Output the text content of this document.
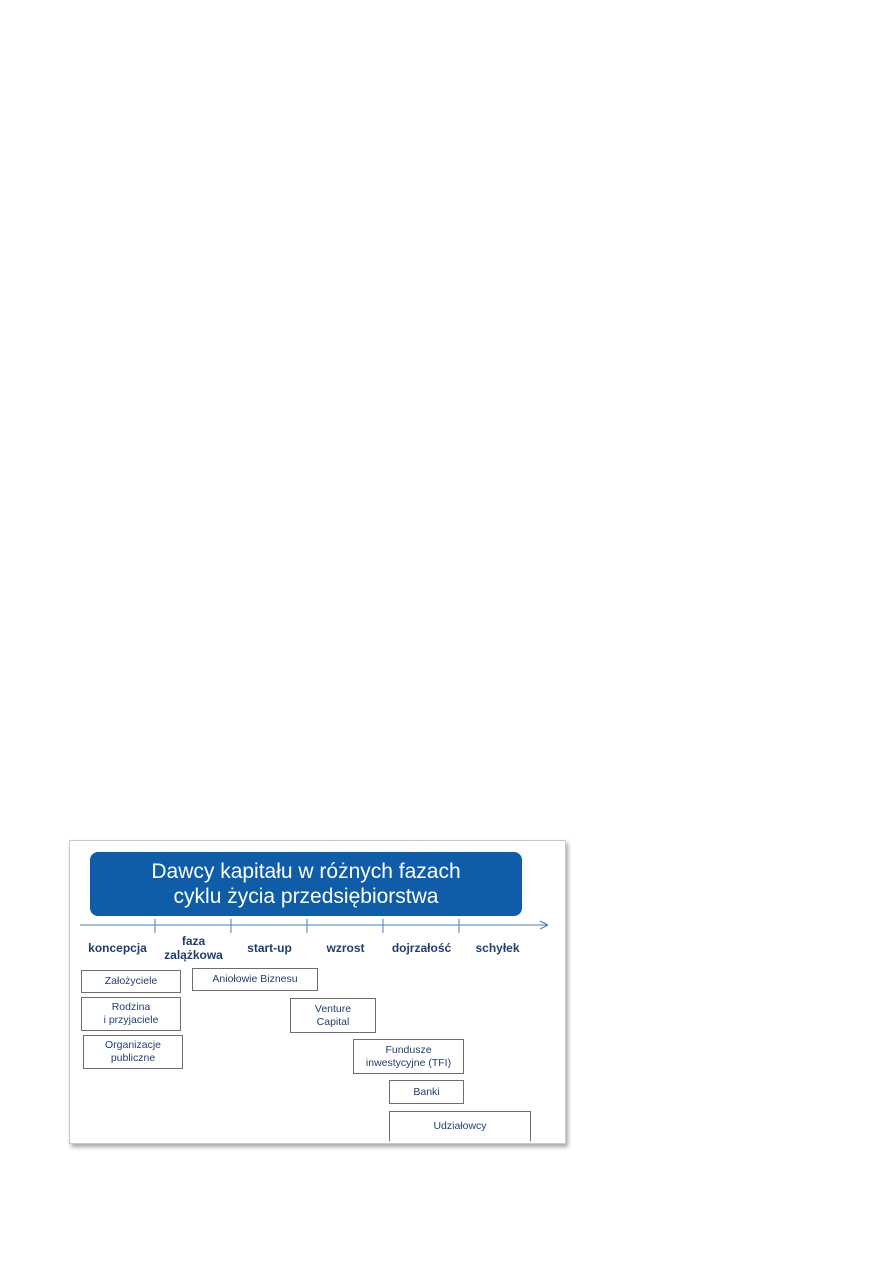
Dawcy kapitału w różnych fazach
cyklu życia przedsiębiorstwa
koncepcja	faza
zalążkowa	start-up	wzrost	dojrzałość	schyłek
Założyciele
Rodzina
i przyjaciele
Organizacje
publiczne
Aniołowie Biznesu
Venture
Capital
Fundusze
inwestycyjne (TFI)
Banki
Udziałowcy
